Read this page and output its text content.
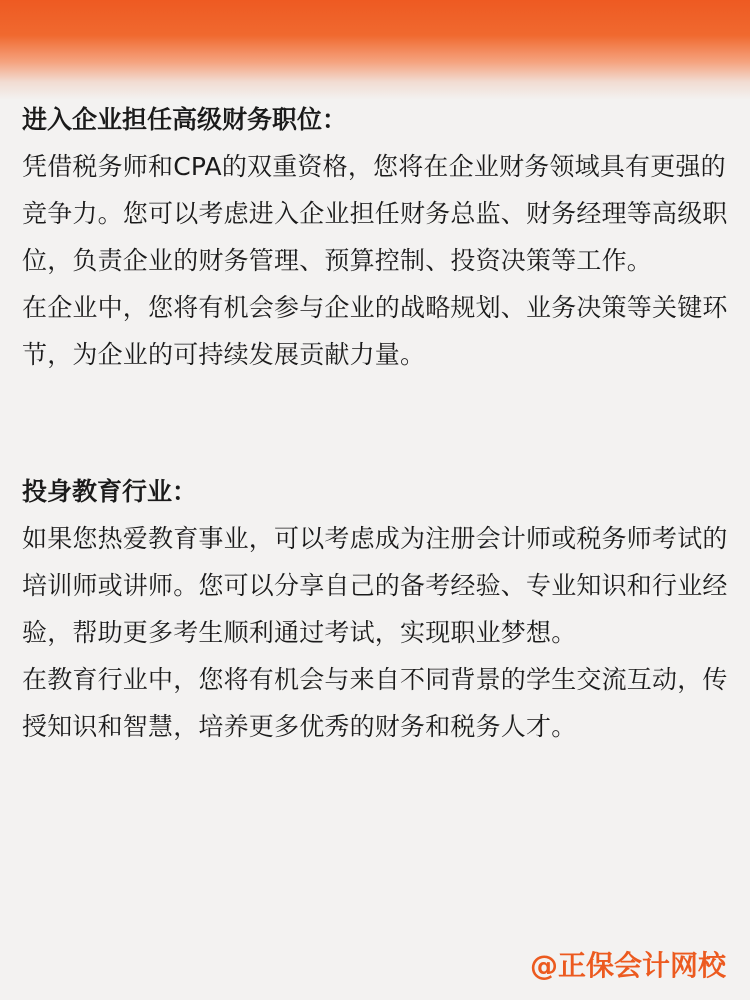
进入企业担任高级财务职位：

凭借税务师和CPA的双重资格，您将在企业财务领域具有更强的竞争力。您可以考虑进入企业担任财务总监、财务经理等高级职位，负责企业的财务管理、预算控制、投资决策等工作。

在企业中，您将有机会参与企业的战略规划、业务决策等关键环节，为企业的可持续发展贡献力量。

投身教育行业：

如果您热爱教育事业，可以考虑成为注册会计师或税务师考试的培训师或讲师。您可以分享自己的备考经验、专业知识和行业经验，帮助更多考生顺利通过考试，实现职业梦想。

在教育行业中，您将有机会与来自不同背景的学生交流互动，传授知识和智慧，培养更多优秀的财务和税务人才。

@正保会计网校
